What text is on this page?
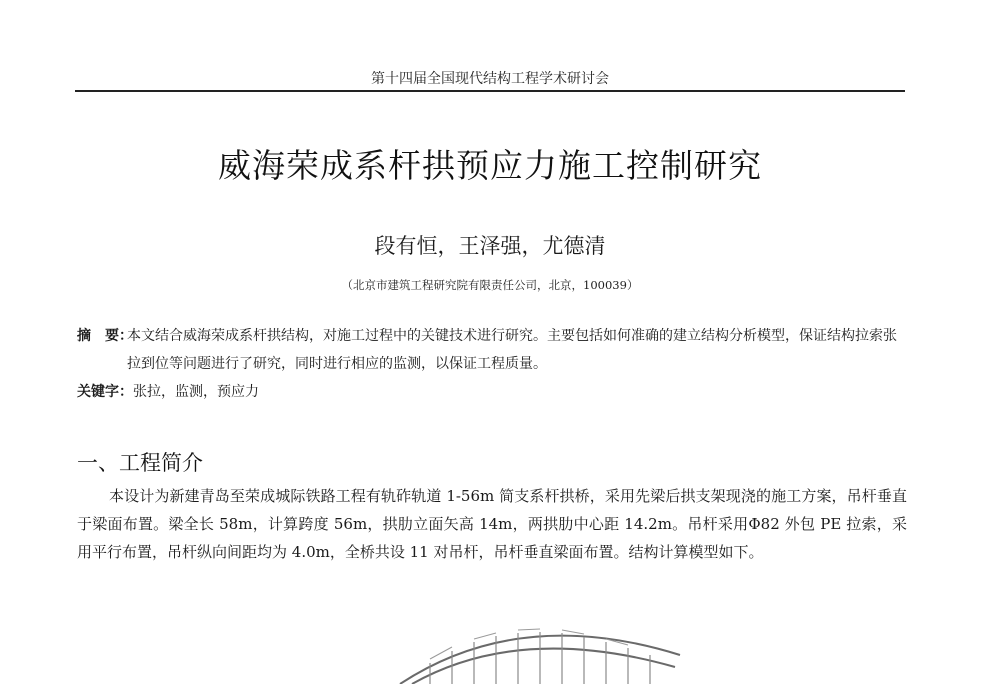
第十四届全国现代结构工程学术研讨会
威海荣成系杆拱预应力施工控制研究
段有恒，王泽强，尤德清
（北京市建筑工程研究院有限责任公司，北京，100039）
摘 要：
本文结合威海荣成系杆拱结构，对施工过程中的关键技术进行研究。主要包括如何准确的建立结构分析模型，保证结构拉索张拉到位等问题进行了研究，同时进行相应的监测，以保证工程质量。
关键字：张拉，监测，预应力
一、工程简介
本设计为新建青岛至荣成城际铁路工程有轨砟轨道 1-56m 简支系杆拱桥，采用先梁后拱支架现浇的施工方案，吊杆垂直于梁面布置。梁全长 58m，计算跨度 56m，拱肋立面矢高 14m，两拱肋中心距 14.2m。吊杆采用Φ82 外包 PE 拉索，采用平行布置，吊杆纵向间距均为 4.0m，全桥共设 11 对吊杆，吊杆垂直梁面布置。结构计算模型如下。
